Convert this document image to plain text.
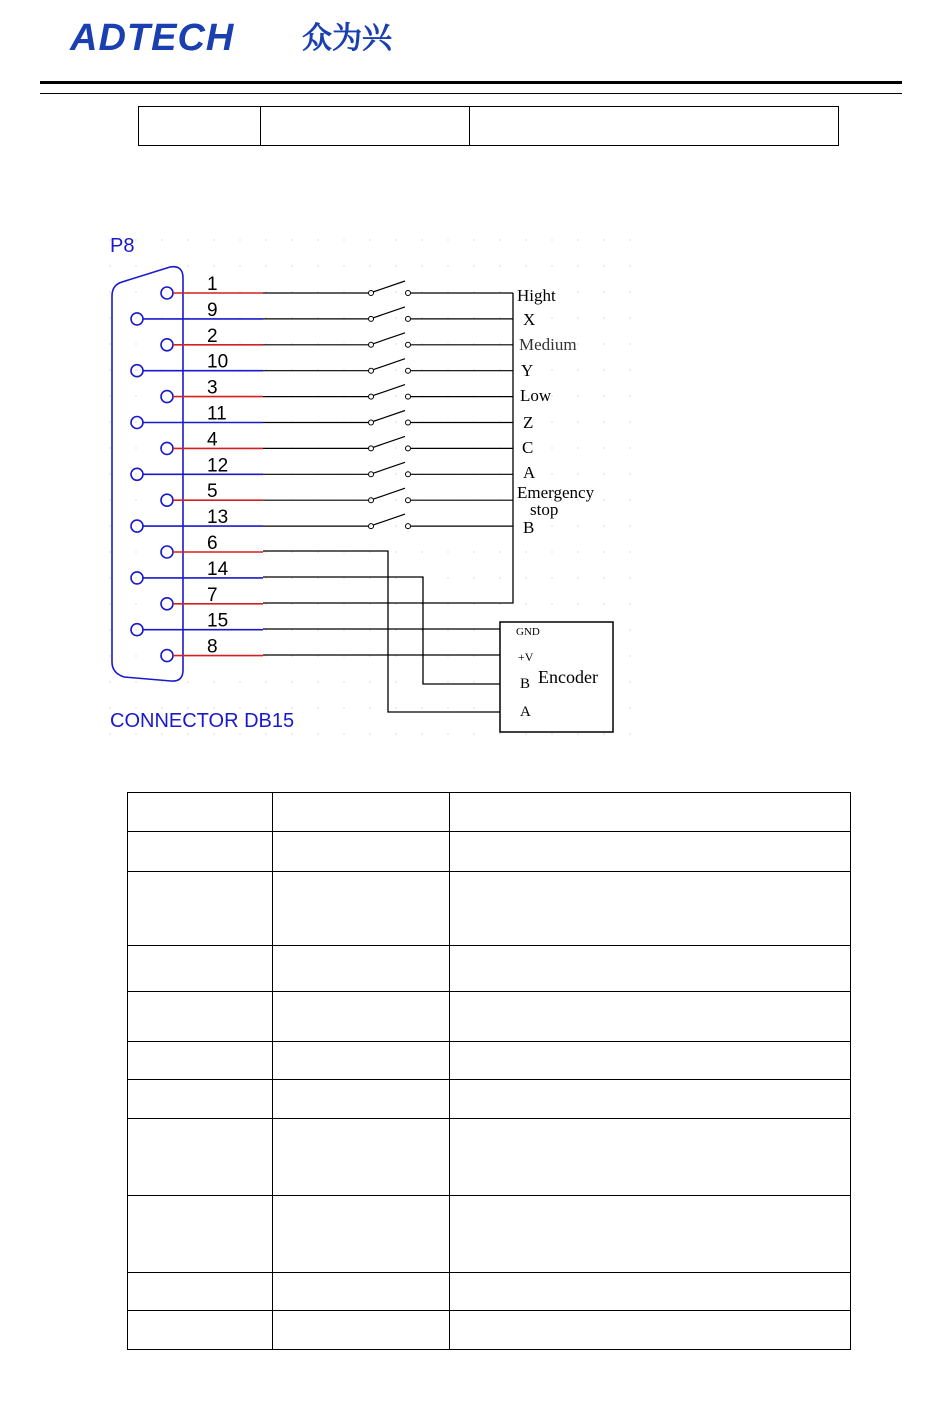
ADTECH 众为兴

P8
1
9
2
10
3
11
4
12
5
13
6
14
7
15
8
Hight
X
Medium
Y
Low
Z
C
A
Emergency
stop
B
GND
+V
B
A
Encoder
CONNECTOR DB15
